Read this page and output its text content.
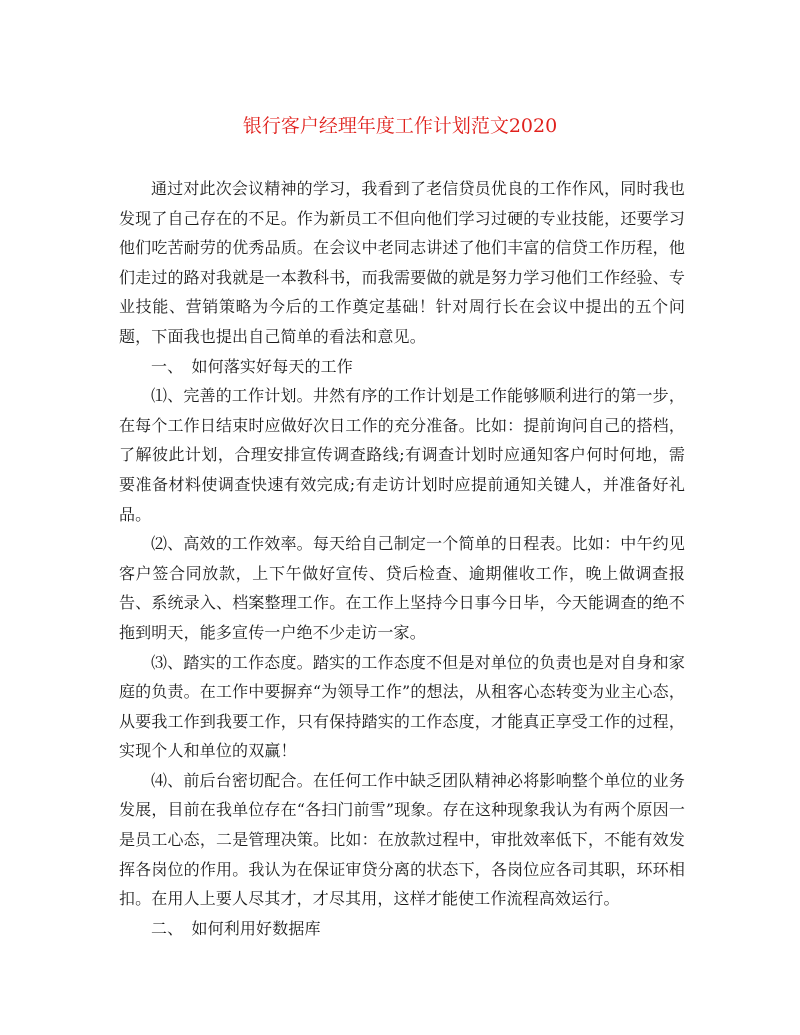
银行客户经理年度工作计划范文2020

通过对此次会议精神的学习，我看到了老信贷员优良的工作作风，同时我也发现了自己存在的不足。作为新员工不但向他们学习过硬的专业技能，还要学习他们吃苦耐劳的优秀品质。在会议中老同志讲述了他们丰富的信贷工作历程，他们走过的路对我就是一本教科书，而我需要做的就是努力学习他们工作经验、专业技能、营销策略为今后的工作奠定基础！针对周行长在会议中提出的五个问题，下面我也提出自己简单的看法和意见。

一、　如何落实好每天的工作

⑴、完善的工作计划。井然有序的工作计划是工作能够顺利进行的第一步，在每个工作日结束时应做好次日工作的充分准备。比如：提前询问自己的搭档，了解彼此计划，合理安排宣传调查路线;有调查计划时应通知客户何时何地，需要准备材料使调查快速有效完成;有走访计划时应提前通知关键人，并准备好礼品。

⑵、高效的工作效率。每天给自己制定一个简单的日程表。比如：中午约见客户签合同放款，上下午做好宣传、贷后检查、逾期催收工作，晚上做调查报告、系统录入、档案整理工作。在工作上坚持今日事今日毕，今天能调查的绝不拖到明天，能多宣传一户绝不少走访一家。

⑶、踏实的工作态度。踏实的工作态度不但是对单位的负责也是对自身和家庭的负责。在工作中要摒弃“为领导工作”的想法，从租客心态转变为业主心态，从要我工作到我要工作，只有保持踏实的工作态度，才能真正享受工作的过程，实现个人和单位的双赢！

⑷、前后台密切配合。在任何工作中缺乏团队精神必将影响整个单位的业务发展，目前在我单位存在“各扫门前雪”现象。存在这种现象我认为有两个原因一是员工心态，二是管理决策。比如：在放款过程中，审批效率低下，不能有效发挥各岗位的作用。我认为在保证审贷分离的状态下，各岗位应各司其职，环环相扣。在用人上要人尽其才，才尽其用，这样才能使工作流程高效运行。

二、　如何利用好数据库
